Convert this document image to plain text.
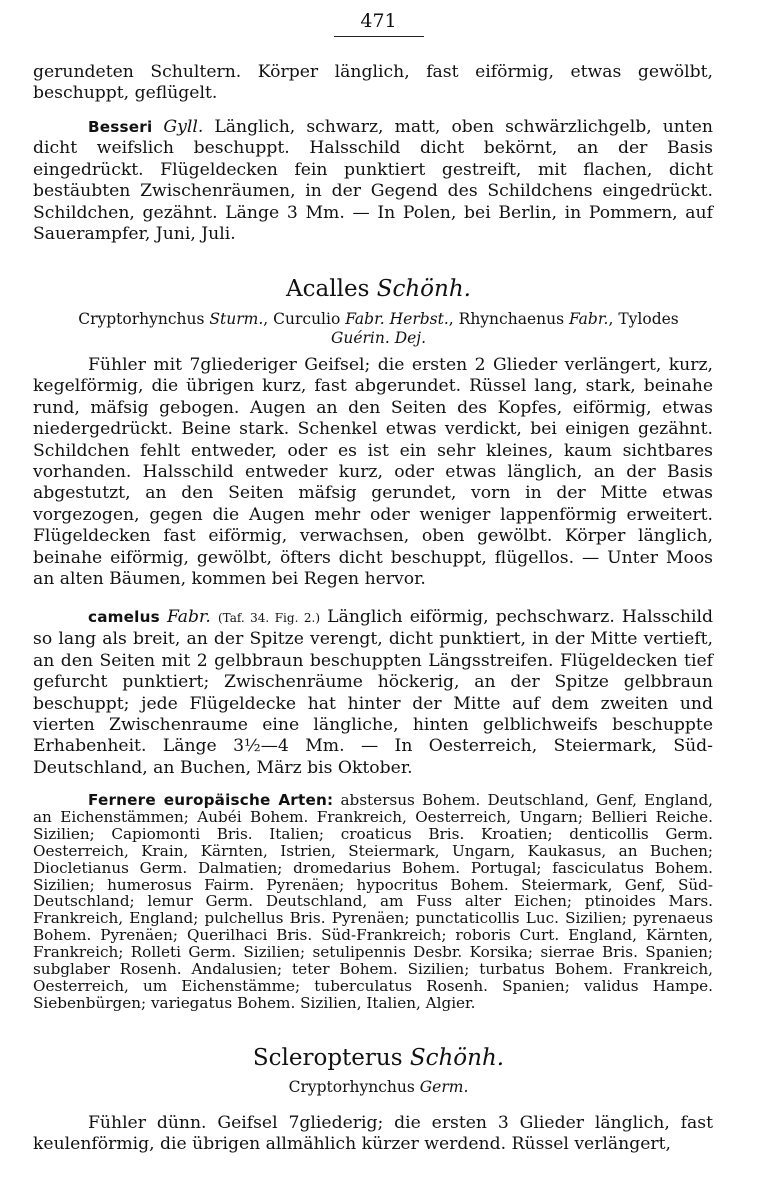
471

gerundeten Schultern. Körper länglich, fast eiförmig, etwas gewölbt, beschuppt, geflügelt.

Besseri Gyll. Länglich, schwarz, matt, oben schwärzlichgelb, unten dicht weifslich beschuppt. Halsschild dicht bekörnt, an der Basis eingedrückt. Flügeldecken fein punktiert gestreift, mit flachen, dicht bestäubten Zwischenräumen, in der Gegend des Schildchens eingedrückt. Schildchen, gezähnt. Länge 3 Mm. — In Polen, bei Berlin, in Pommern, auf Sauerampfer, Juni, Juli.

Acalles Schönh.
Cryptorhynchus Sturm., Curculio Fabr. Herbst., Rhynchaenus Fabr., Tylodes
Guérin. Dej.

Fühler mit 7gliederiger Geifsel; die ersten 2 Glieder verlängert, kurz, kegelförmig, die übrigen kurz, fast abgerundet. Rüssel lang, stark, beinahe rund, mäfsig gebogen. Augen an den Seiten des Kopfes, eiförmig, etwas niedergedrückt. Beine stark. Schenkel etwas verdickt, bei einigen gezähnt. Schildchen fehlt entweder, oder es ist ein sehr kleines, kaum sichtbares vorhanden. Halsschild entweder kurz, oder etwas länglich, an der Basis abgestutzt, an den Seiten mäfsig gerundet, vorn in der Mitte etwas vorgezogen, gegen die Augen mehr oder weniger lappenförmig erweitert. Flügeldecken fast eiförmig, verwachsen, oben gewölbt. Körper länglich, beinahe eiförmig, gewölbt, öfters dicht beschuppt, flügellos. — Unter Moos an alten Bäumen, kommen bei Regen hervor.

camelus Fabr. (Taf. 34. Fig. 2.) Länglich eiförmig, pechschwarz. Halsschild so lang als breit, an der Spitze verengt, dicht punktiert, in der Mitte vertieft, an den Seiten mit 2 gelbbraun beschuppten Längsstreifen. Flügeldecken tief gefurcht punktiert; Zwischenräume höckerig, an der Spitze gelbbraun beschuppt; jede Flügeldecke hat hinter der Mitte auf dem zweiten und vierten Zwischenraume eine längliche, hinten gelblichweifs beschuppte Erhabenheit. Länge 3½—4 Mm. — In Oesterreich, Steiermark, Süd-Deutschland, an Buchen, März bis Oktober.

Fernere europäische Arten: abstersus Bohem. Deutschland, Genf, England, an Eichenstämmen; Aubéi Bohem. Frankreich, Oesterreich, Ungarn; Bellieri Reiche. Sizilien; Capiomonti Bris. Italien; croaticus Bris. Kroatien; denticollis Germ. Oesterreich, Krain, Kärnten, Istrien, Steiermark, Ungarn, Kaukasus, an Buchen; Diocletianus Germ. Dalmatien; dromedarius Bohem. Portugal; fasciculatus Bohem. Sizilien; humerosus Fairm. Pyrenäen; hypocritus Bohem. Steiermark, Genf, Süd-Deutschland; lemur Germ. Deutschland, am Fuss alter Eichen; ptinoides Mars. Frankreich, England; pulchellus Bris. Pyrenäen; punctaticollis Luc. Sizilien; pyrenaeus Bohem. Pyrenäen; Querilhaci Bris. Süd-Frankreich; roboris Curt. England, Kärnten, Frankreich; Rolleti Germ. Sizilien; setulipennis Desbr. Korsika; sierrae Bris. Spanien; subglaber Rosenh. Andalusien; teter Bohem. Sizilien; turbatus Bohem. Frankreich, Oesterreich, um Eichenstämme; tuberculatus Rosenh. Spanien; validus Hampe. Siebenbürgen; variegatus Bohem. Sizilien, Italien, Algier.

Scleropterus Schönh.
Cryptorhynchus Germ.

Fühler dünn. Geifsel 7gliederig; die ersten 3 Glieder länglich, fast keulenförmig, die übrigen allmählich kürzer werdend. Rüssel verlängert,
